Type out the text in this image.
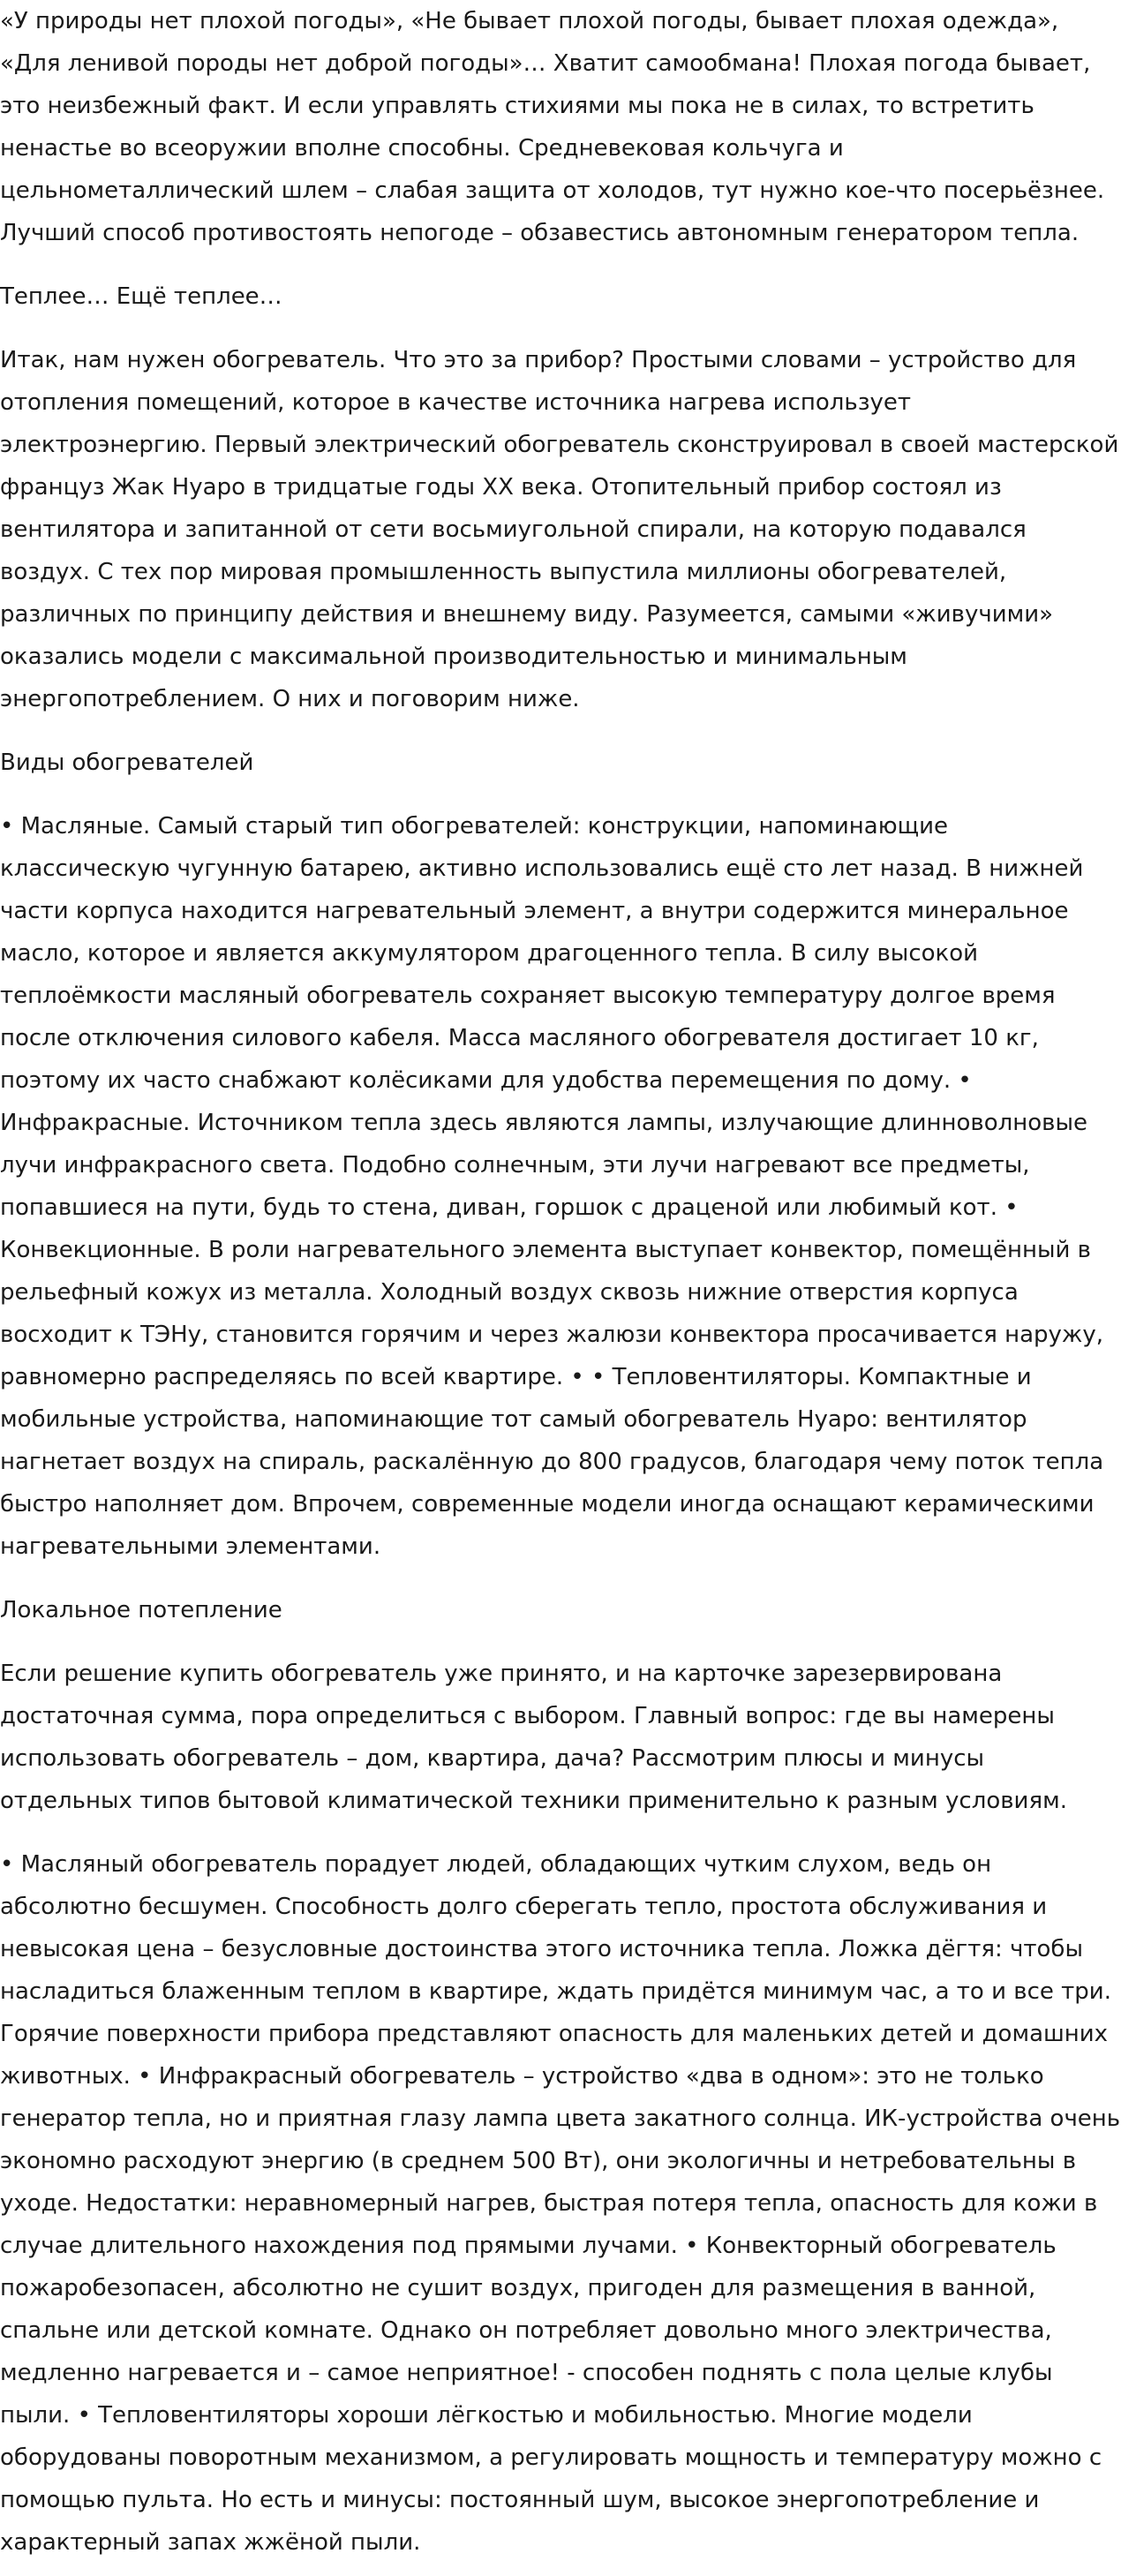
«У природы нет плохой погоды», «Не бывает плохой погоды, бывает плохая одежда», «Для ленивой породы нет доброй погоды»… Хватит самообмана! Плохая погода бывает, это неизбежный факт. И если управлять стихиями мы пока не в силах, то встретить ненастье во всеоружии вполне способны. Средневековая кольчуга и цельнометаллический шлем – слабая защита от холодов, тут нужно кое-что посерьёзнее. Лучший способ противостоять непогоде – обзавестись автономным генератором тепла.

Теплее… Ещё теплее…

Итак, нам нужен обогреватель. Что это за прибор? Простыми словами – устройство для отопления помещений, которое в качестве источника нагрева использует электроэнергию. Первый электрический обогреватель сконструировал в своей мастерской француз Жак Нуаро в тридцатые годы XX века. Отопительный прибор состоял из вентилятора и запитанной от сети восьмиугольной спирали, на которую подавался воздух. С тех пор мировая промышленность выпустила миллионы обогревателей, различных по принципу действия и внешнему виду. Разумеется, самыми «живучими» оказались модели с максимальной производительностью и минимальным энергопотреблением. О них и поговорим ниже.

Виды обогревателей

• Масляные. Самый старый тип обогревателей: конструкции, напоминающие классическую чугунную батарею, активно использовались ещё сто лет назад. В нижней части корпуса находится нагревательный элемент, а внутри содержится минеральное масло, которое и является аккумулятором драгоценного тепла. В силу высокой теплоёмкости масляный обогреватель сохраняет высокую температуру долгое время после отключения силового кабеля. Масса масляного обогревателя достигает 10 кг, поэтому их часто снабжают колёсиками для удобства перемещения по дому. • Инфракрасные. Источником тепла здесь являются лампы, излучающие длинноволновые лучи инфракрасного света. Подобно солнечным, эти лучи нагревают все предметы, попавшиеся на пути, будь то стена, диван, горшок с драценой или любимый кот. • Конвекционные. В роли нагревательного элемента выступает конвектор, помещённый в рельефный кожух из металла. Холодный воздух сквозь нижние отверстия корпуса восходит к ТЭНу, становится горячим и через жалюзи конвектора просачивается наружу, равномерно распределяясь по всей квартире. • • Тепловентиляторы. Компактные и мобильные устройства, напоминающие тот самый обогреватель Нуаро: вентилятор нагнетает воздух на спираль, раскалённую до 800 градусов, благодаря чему поток тепла быстро наполняет дом. Впрочем, современные модели иногда оснащают керамическими нагревательными элементами.

Локальное потепление

Если решение купить обогреватель уже принято, и на карточке зарезервирована достаточная сумма, пора определиться с выбором. Главный вопрос: где вы намерены использовать обогреватель – дом, квартира, дача? Рассмотрим плюсы и минусы отдельных типов бытовой климатической техники применительно к разным условиям.

• Масляный обогреватель порадует людей, обладающих чутким слухом, ведь он абсолютно бесшумен. Способность долго сберегать тепло, простота обслуживания и невысокая цена – безусловные достоинства этого источника тепла. Ложка дёгтя: чтобы насладиться блаженным теплом в квартире, ждать придётся минимум час, а то и все три. Горячие поверхности прибора представляют опасность для маленьких детей и домашних животных. • Инфракрасный обогреватель – устройство «два в одном»: это не только генератор тепла, но и приятная глазу лампа цвета закатного солнца. ИК-устройства очень экономно расходуют энергию (в среднем 500 Вт), они экологичны и нетребовательны в уходе. Недостатки: неравномерный нагрев, быстрая потеря тепла, опасность для кожи в случае длительного нахождения под прямыми лучами. • Конвекторный обогреватель пожаробезопасен, абсолютно не сушит воздух, пригоден для размещения в ванной, спальне или детской комнате. Однако он потребляет довольно много электричества, медленно нагревается и – самое неприятное! - способен поднять с пола целые клубы пыли. • Тепловентиляторы хороши лёгкостью и мобильностью. Многие модели оборудованы поворотным механизмом, а регулировать мощность и температуру можно с помощью пульта. Но есть и минусы: постоянный шум, высокое энергопотребление и характерный запах жжёной пыли.
